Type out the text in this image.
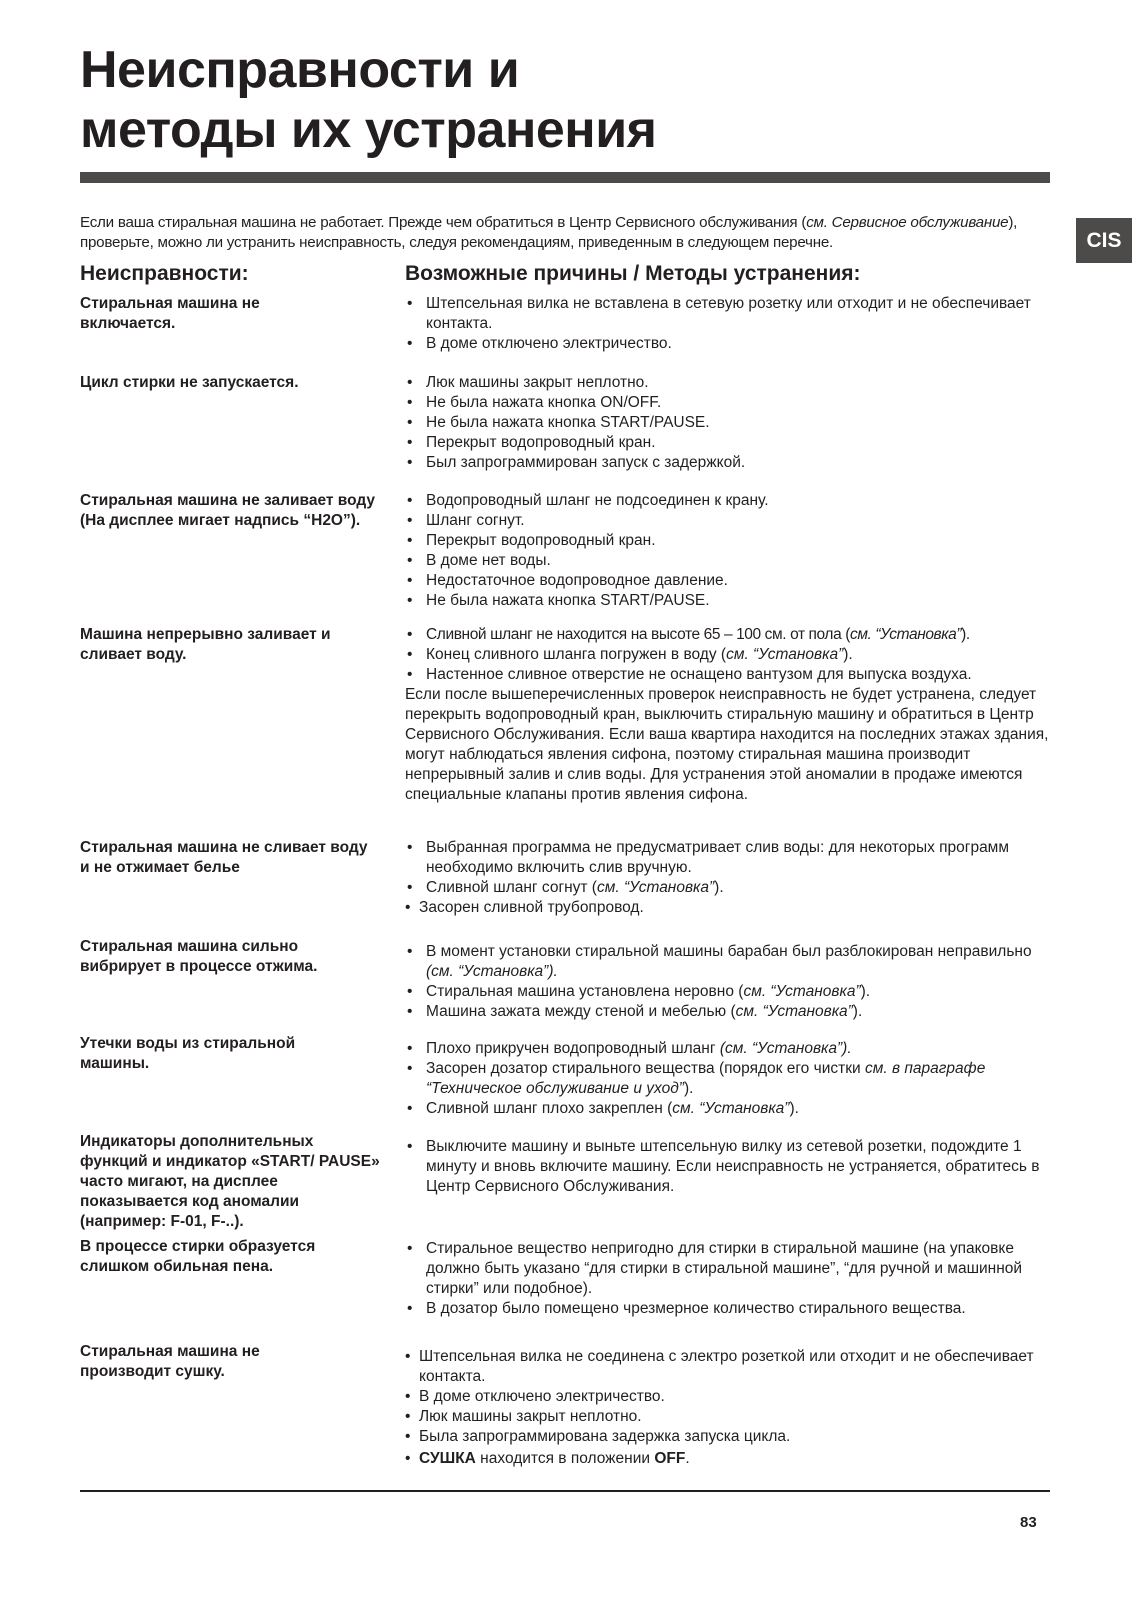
Неисправности и
методы их устранения
Если ваша стиральная машина не работает. Прежде чем обратиться в Центр Сервисного обслуживания (см. Сервисное обслуживание), проверьте, можно ли устранить неисправность, следуя рекомендациям, приведенным в следующем перечне.	CIS
Неисправности:	Возможные причины / Методы устранения:
Стиральная машина не включается.
• Штепсельная вилка не вставлена в сетевую розетку или отходит и не обеспечивает контакта.
• В доме отключено электричество.
Цикл стирки не запускается.	• Люк машины закрыт неплотно.
• Не была нажата кнопка ON/OFF.
• Не была нажата кнопка START/PAUSE.
• Перекрыт водопроводный кран.
• Был запрограммирован запуск с задержкой.
Стиральная машина не заливает воду (На дисплее мигает надпись “H2O”).
• Водопроводный шланг не подсоединен к крану.
• Шланг согнут.
• Перекрыт водопроводный кран.
• В доме нет воды.
• Недостаточное водопроводное давление.
• Не была нажата кнопка START/PAUSE.
Машина непрерывно заливает и сливает воду.
• Сливной шланг не находится на высоте 65 – 100 см. от пола (см. “Установка”).
• Конец сливного шланга погружен в воду (см. “Установка”).
• Настенное сливное отверстие не оснащено вантузом для выпуска воздуха.
Если после вышеперечисленных проверок неисправность не будет устранена, следует перекрыть водопроводный кран, выключить стиральную машину и обратиться в Центр Сервисного Обслуживания. Если ваша квартира находится на последних этажах здания, могут наблюдаться явления сифона, поэтому стиральная машина производит непрерывный залив и слив воды. Для устранения этой аномалии в продаже имеются специальные клапаны против явления сифона.
Стиральная машина не сливает воду и не отжимает белье
• Выбранная программа не предусматривает слив воды: для некоторых программ необходимо включить слив вручную.
• Сливной шланг согнут (см. “Установка”).
• Засорен сливной трубопровод.
Стиральная машина сильно вибрирует в процессе отжима.
• В момент установки стиральной машины барабан был разблокирован неправильно (см. “Установка”).
• Стиральная машина установлена неровно (см. “Установка”).
• Машина зажата между стеной и мебелью (см. “Установка”).
Утечки воды из стиральной машины.
• Плохо прикручен водопроводный шланг (см. “Установка”).
• Засорен дозатор стирального вещества (порядок его чистки см. в параграфе “Техническое обслуживание и уход”).
• Сливной шланг плохо закреплен (см. “Установка”).
Индикаторы дополнительных функций и индикатор «START/ PAUSE» часто мигают, на дисплее показывается код аномалии (например: F-01, F-..).
• Выключите машину и выньте штепсельную вилку из сетевой розетки, подождите 1 минуту и вновь включите машину. Если неисправность не устраняется, обратитесь в Центр Сервисного Обслуживания.
В процессе стирки образуется слишком обильная пена.
• Стиральное вещество непригодно для стирки в стиральной машине (на упаковке должно быть указано “для стирки в стиральной машине”, “для ручной и машинной стирки” или подобное).
• В дозатор было помещено чрезмерное количество стирального вещества.
Стиральная машина не производит сушку.
• Штепсельная вилка не соединена с электро розеткой или отходит и не обеспечивает контакта.
• В доме отключено электричество.
• Люк машины закрыт неплотно.
• Была запрограммирована задержка запуска цикла.
• СУШКА находится в положении OFF.
83
